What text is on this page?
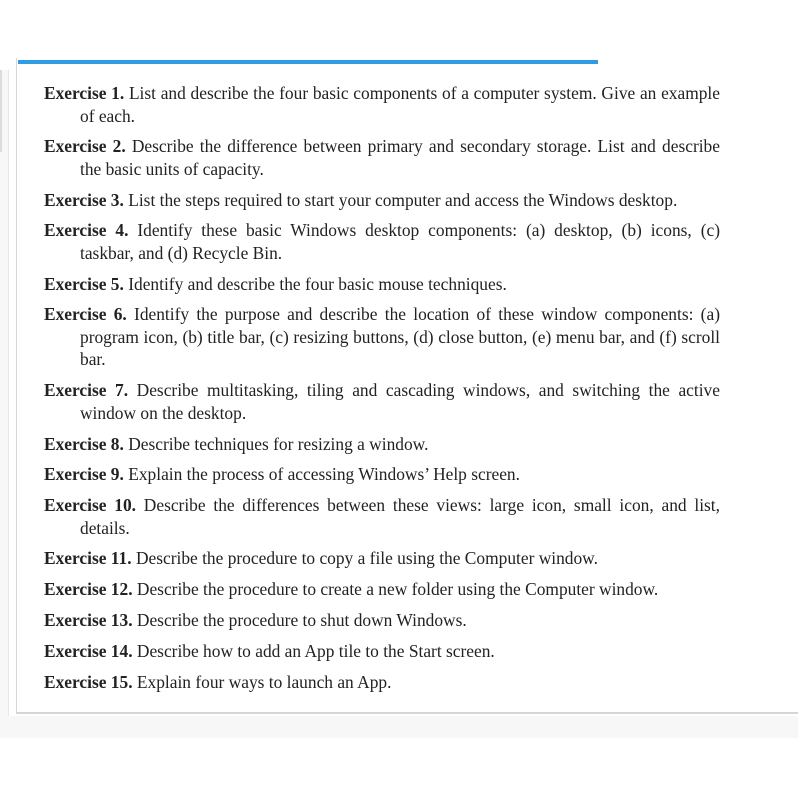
Exercise 1. List and describe the four basic components of a computer system. Give an example of each.
Exercise 2. Describe the difference between primary and secondary storage. List and describe the basic units of capacity.
Exercise 3. List the steps required to start your computer and access the Windows desktop.
Exercise 4. Identify these basic Windows desktop components: (a) desktop, (b) icons, (c) taskbar, and (d) Recycle Bin.
Exercise 5. Identify and describe the four basic mouse techniques.
Exercise 6. Identify the purpose and describe the location of these window components: (a) program icon, (b) title bar, (c) resizing buttons, (d) close button, (e) menu bar, and (f) scroll bar.
Exercise 7. Describe multitasking, tiling and cascading windows, and switching the active window on the desktop.
Exercise 8. Describe techniques for resizing a window.
Exercise 9. Explain the process of accessing Windows’ Help screen.
Exercise 10. Describe the differences between these views: large icon, small icon, and list, details.
Exercise 11. Describe the procedure to copy a file using the Computer window.
Exercise 12. Describe the procedure to create a new folder using the Computer window.
Exercise 13. Describe the procedure to shut down Windows.
Exercise 14. Describe how to add an App tile to the Start screen.
Exercise 15. Explain four ways to launch an App.
